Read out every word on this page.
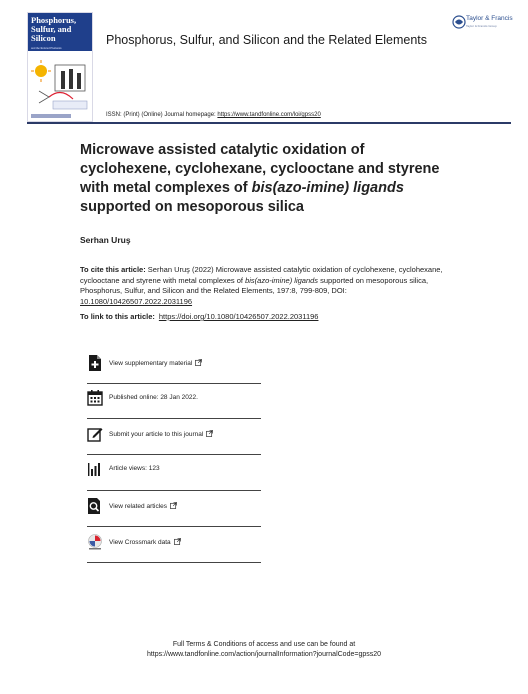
Phosphorus,
Sulfur, and
Silicon
and the Related Elements
Phosphorus, Sulfur, and Silicon and the Related Elements
Taylor & Francis
Taylor & Francis Group
ISSN: (Print) (Online) Journal homepage: https://www.tandfonline.com/loi/gpss20
Microwave assisted catalytic oxidation of cyclohexene, cyclohexane, cyclooctane and styrene with metal complexes of bis(azo-imine) ligands supported on mesoporous silica
Serhan Uruş
To cite this article: Serhan Uruş (2022) Microwave assisted catalytic oxidation of cyclohexene, cyclohexane, cyclooctane and styrene with metal complexes of bis(azo-imine) ligands supported on mesoporous silica, Phosphorus, Sulfur, and Silicon and the Related Elements, 197:8, 799-809, DOI: 10.1080/10426507.2022.2031196
To link to this article: https://doi.org/10.1080/10426507.2022.2031196
View supplementary material
Published online: 28 Jan 2022.
Submit your article to this journal
Article views: 123
View related articles
View Crossmark data
Full Terms & Conditions of access and use can be found at
https://www.tandfonline.com/action/journalInformation?journalCode=gpss20
